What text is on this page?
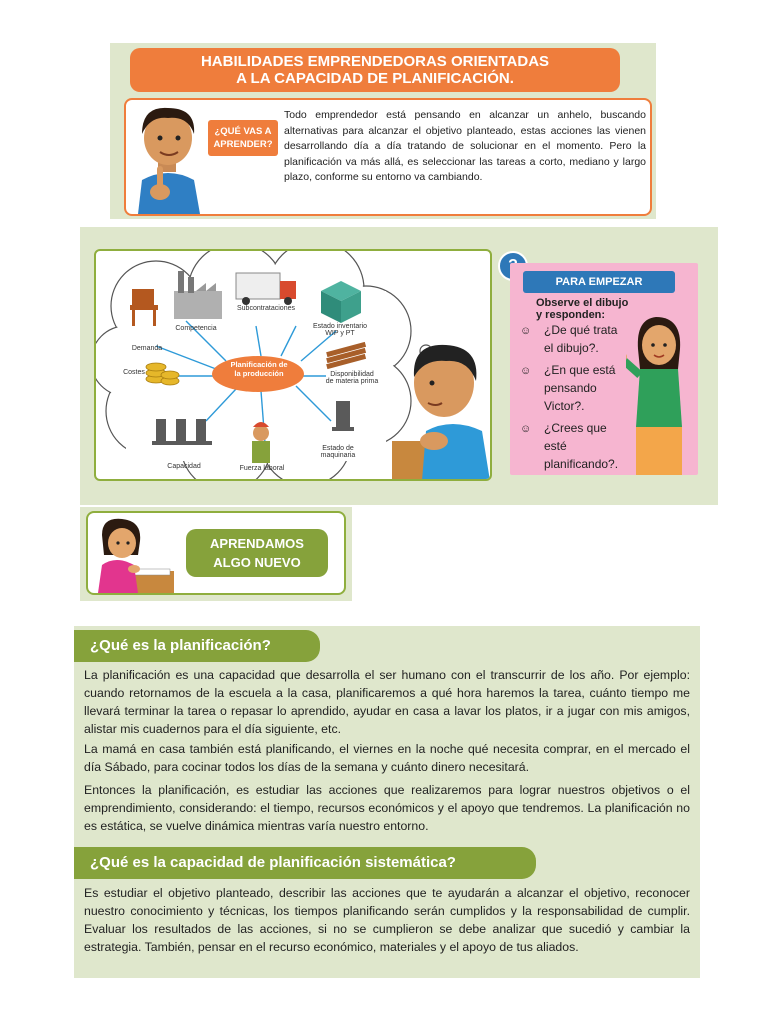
HABILIDADES EMPRENDEDORAS ORIENTADAS
A LA CAPACIDAD DE PLANIFICACIÓN.
¿QUÉ VAS A
APRENDER?
Todo emprendedor está pensando en alcanzar un anhelo, buscando alternativas para alcanzar el objetivo planteado, estas acciones las vienen desarrollando día a día tratando de solucionar en el momento. Pero la planificación va más allá, es seleccionar las tareas a corto, mediano y largo plazo, conforme su entorno va cambiando.
Competencia
Subcontrataciones
Estado inventario
WIP y PT
Demanda
Costes	Disponibilidad
de materia prima
Estado de
maquinaria
Capacidad	Fuerza laboral
Planificación de
la producción
PARA EMPEZAR
Observe el dibujo
y responden:
☺ ¿De qué trata
el dibujo?.
☺ ¿En que está
pensando
Victor?.
☺ ¿Crees que
esté
planificando?.
APRENDAMOS
ALGO NUEVO
¿Qué es la planificación?
La planificación es una capacidad que desarrolla el ser humano con el transcurrir de los año. Por ejemplo: cuando retornamos de la escuela a la casa, planificaremos a qué hora haremos la tarea, cuánto tiempo me llevará terminar la tarea o repasar lo aprendido, ayudar en casa a lavar los platos, ir a jugar con mis amigos, alistar mis cuadernos para el día siguiente, etc.
La mamá en casa también está planificando, el viernes en la noche qué necesita comprar, en el mercado el día Sábado, para cocinar todos los días de la semana y cuánto dinero necesitará.
Entonces la planificación, es estudiar las acciones que realizaremos para lograr nuestros objetivos o el emprendimiento, considerando: el tiempo, recursos económicos y el apoyo que tendremos. La planificación no es estática, se vuelve dinámica mientras varía nuestro entorno.
¿Qué es la capacidad de planificación sistemática?
Es estudiar el objetivo planteado, describir las acciones que te ayudarán a alcanzar el objetivo, reconocer nuestro conocimiento y técnicas, los tiempos planificando serán cumplidos y la responsabilidad de cumplir. Evaluar los resultados de las acciones, si no se cumplieron se debe analizar que sucedió y cambiar la estrategia. También, pensar en el recurso económico, materiales y el apoyo de tus aliados.
